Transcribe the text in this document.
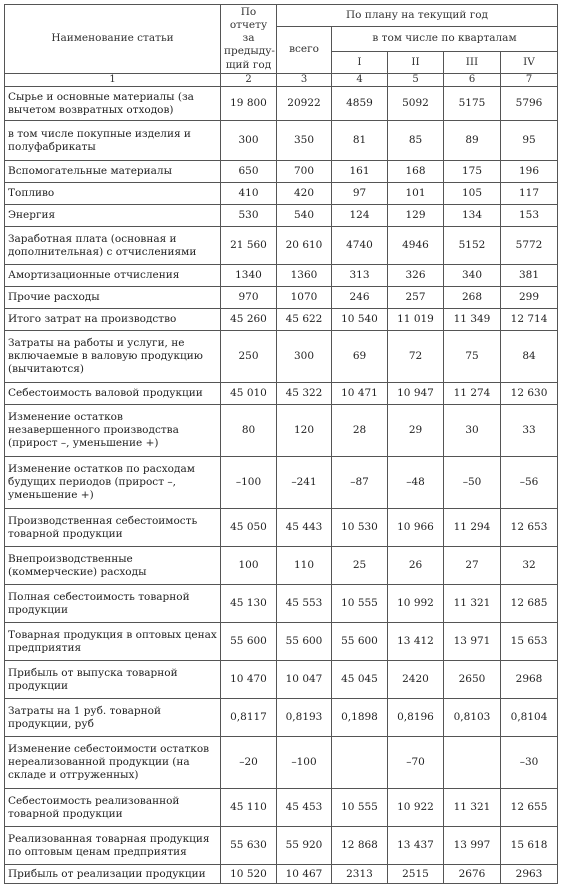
Наименование статьи	По отчету за предыду-щий год	По плану на текущий год				
		всего	в том числе по кварталам			
			I	II	III	IV
1	2	3	4	5	6	7
Сырье и основные материалы (за вычетом возвратных отходов)	19 800	20922	4859	5092	5175	5796
в том числе покупные изделия и полуфабрикаты	300	350	81	85	89	95
Вспомогательные материалы	650	700	161	168	175	196
Топливо	410	420	97	101	105	117
Энергия	530	540	124	129	134	153
Заработная плата (основная и дополнительная) с отчислениями	21 560	20 610	4740	4946	5152	5772
Амортизационные отчисления	1340	1360	313	326	340	381
Прочие расходы	970	1070	246	257	268	299
Итого затрат на производство	45 260	45 622	10 540	11 019	11 349	12 714
Затраты на работы и услуги, не включаемые в валовую продукцию (вычитаются)	250	300	69	72	75	84
Себестоимость валовой продукции	45 010	45 322	10 471	10 947	11 274	12 630
Изменение остатков незавершенного производства (прирост –, уменьшение +)	80	120	28	29	30	33
Изменение остатков по расходам будущих периодов (прирост –, уменьшение +)	–100	–241	–87	–48	–50	–56
Производственная себестоимость товарной продукции	45 050	45 443	10 530	10 966	11 294	12 653
Внепроизводственные (коммерческие) расходы	100	110	25	26	27	32
Полная себестоимость товарной продукции	45 130	45 553	10 555	10 992	11 321	12 685
Товарная продукция в оптовых ценах предприятия	55 600	55 600	55 600	13 412	13 971	15 653
Прибыль от выпуска товарной продукции	10 470	10 047	45 045	2420	2650	2968
Затраты на 1 руб. товарной продукции, руб	0,8117	0,8193	0,1898	0,8196	0,8103	0,8104
Изменение себестоимости остатков нереализованной продукции (на складе и отгруженных)	–20	–100		–70		–30
Себестоимость реализованной товарной продукции	45 110	45 453	10 555	10 922	11 321	12 655
Реализованная товарная продукция по оптовым ценам предприятия	55 630	55 920	12 868	13 437	13 997	15 618
Прибыль от реализации продукции	10 520	10 467	2313	2515	2676	2963
